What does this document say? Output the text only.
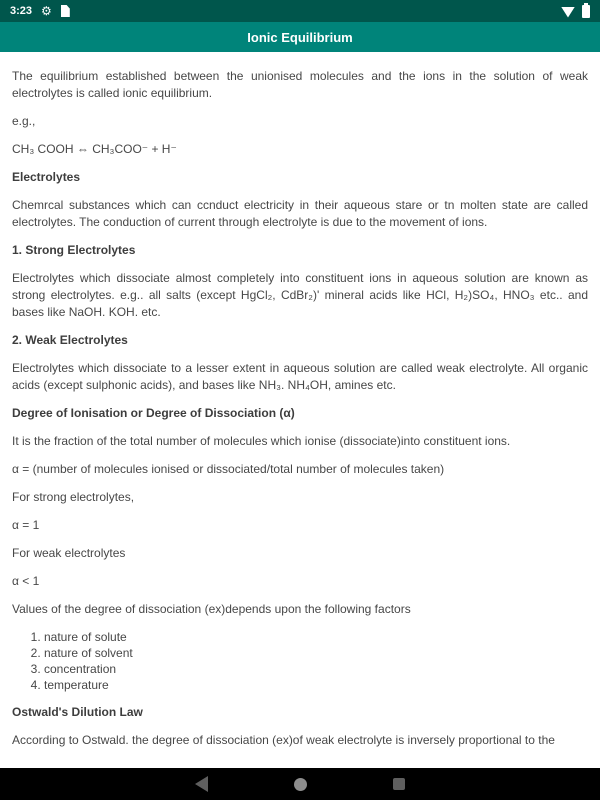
3:23 ⚙
Ionic Equilibrium

The equilibrium established between the unionised molecules and the ions in the solution of weak electrolytes is called ionic equilibrium.

e.g.,

CH₃ COOH ⇔ CH₃COO⁻ + H⁻

Electrolytes

Chemrcal substances which can ccnduct electricity in their aqueous stare or tn molten state are called electrolytes. The conduction of current through electrolyte is due to the movement of ions.

1. Strong Electrolytes

Electrolytes which dissociate almost completely into constituent ions in aqueous solution are known as strong electrolytes. e.g.. all salts (except HgCl₂, CdBr₂)' mineral acids like HCl, H₂)SO₄, HNO₃ etc.. and bases like NaOH. KOH. etc.

2. Weak Electrolytes

Electrolytes which dissociate to a lesser extent in aqueous solution are called weak electrolyte. All organic acids (except sulphonic acids), and bases like NH₃. NH₄OH, amines etc.

Degree of Ionisation or Degree of Dissociation (α)

It is the fraction of the total number of molecules which ionise (dissociate)into constituent ions.

α = (number of molecules ionised or dissociated/total number of molecules taken)

For strong electrolytes,

α = 1

For weak electrolytes

α < 1

Values of the degree of dissociation (ex)depends upon the following factors

1. nature of solute
2. nature of solvent
3. concentration
4. temperature
Ostwald's Dilution Law

According to Ostwald. the degree of dissociation (ex)of weak electrolyte is inversely proportional to the
